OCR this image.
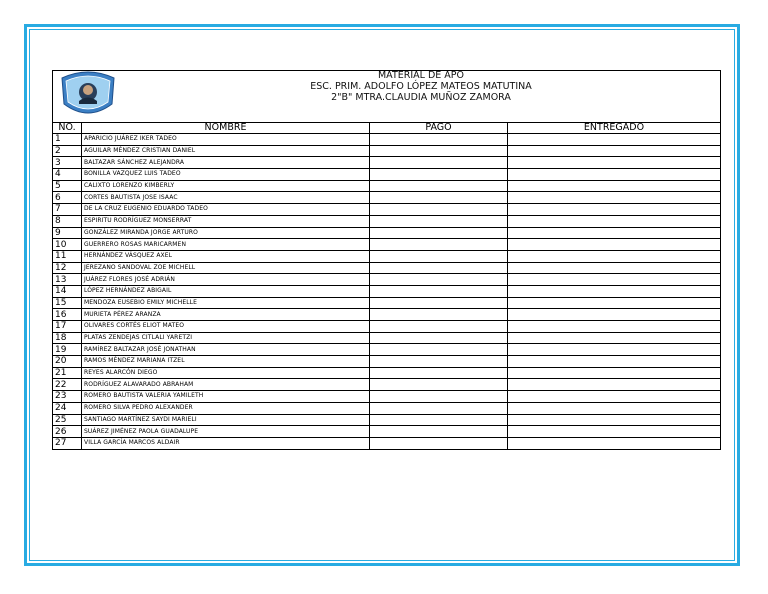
MATERIAL DE APO
ESC. PRIM. ADOLFO LÓPEZ MATEOS MATUTINA
2"B" MTRA.CLAUDIA MUÑOZ ZAMORA
NO.	NOMBRE	PAGO	ENTREGADO
1	APARICIO JUÁREZ IKER TADEO		
2	AGUILAR MÉNDEZ CRISTIAN DANIEL		
3	BALTAZAR SÁNCHEZ ALEJANDRA		
4	BONILLA VAZQUEZ LUIS TADEO		
5	CALIXTO LORENZO KIMBERLY		
6	CORTES BAUTISTA JOSE ISAAC		
7	DE LA CRUZ EUGENIO EDUARDO TADEO		
8	ESPIRITU RODRÍGUEZ MONSERRAT		
9	GONZÁLEZ MIRANDA JORGE ARTURO		
10	GUERRERO ROSAS MARICARMEN		
11	HERNÁNDEZ VÁSQUEZ AXEL		
12	JEREZANO SANDOVAL ZOE MICHELL		
13	JUÁREZ FLORES JOSÉ ADRIÁN		
14	LÓPEZ HERNÁNDEZ ABIGAIL		
15	MENDOZA EUSEBIO EMILY MICHELLE		
16	MURIETA PÉREZ ARANZA		
17	OLIVARES CORTÉS ELIOT MATEO		
18	PLATAS ZENDEJAS CITLALI YARETZI		
19	RAMÍREZ BALTAZAR JOSÉ JONATHAN		
20	RAMOS MÉNDEZ MARIANA ITZEL		
21	REYES ALARCÓN DIEGO		
22	RODRÍGUEZ ALAVARADO ABRAHAM		
23	ROMERO BAUTISTA VALERIA YAMILETH		
24	ROMERO SILVA PEDRO ALEXANDER		
25	SANTIAGO MARTÍNEZ SAYDI MARIELI		
26	SUÁREZ JIMÉNEZ PAOLA GUADALUPE		
27	VILLA GARCÍA MARCOS ALDAIR		
